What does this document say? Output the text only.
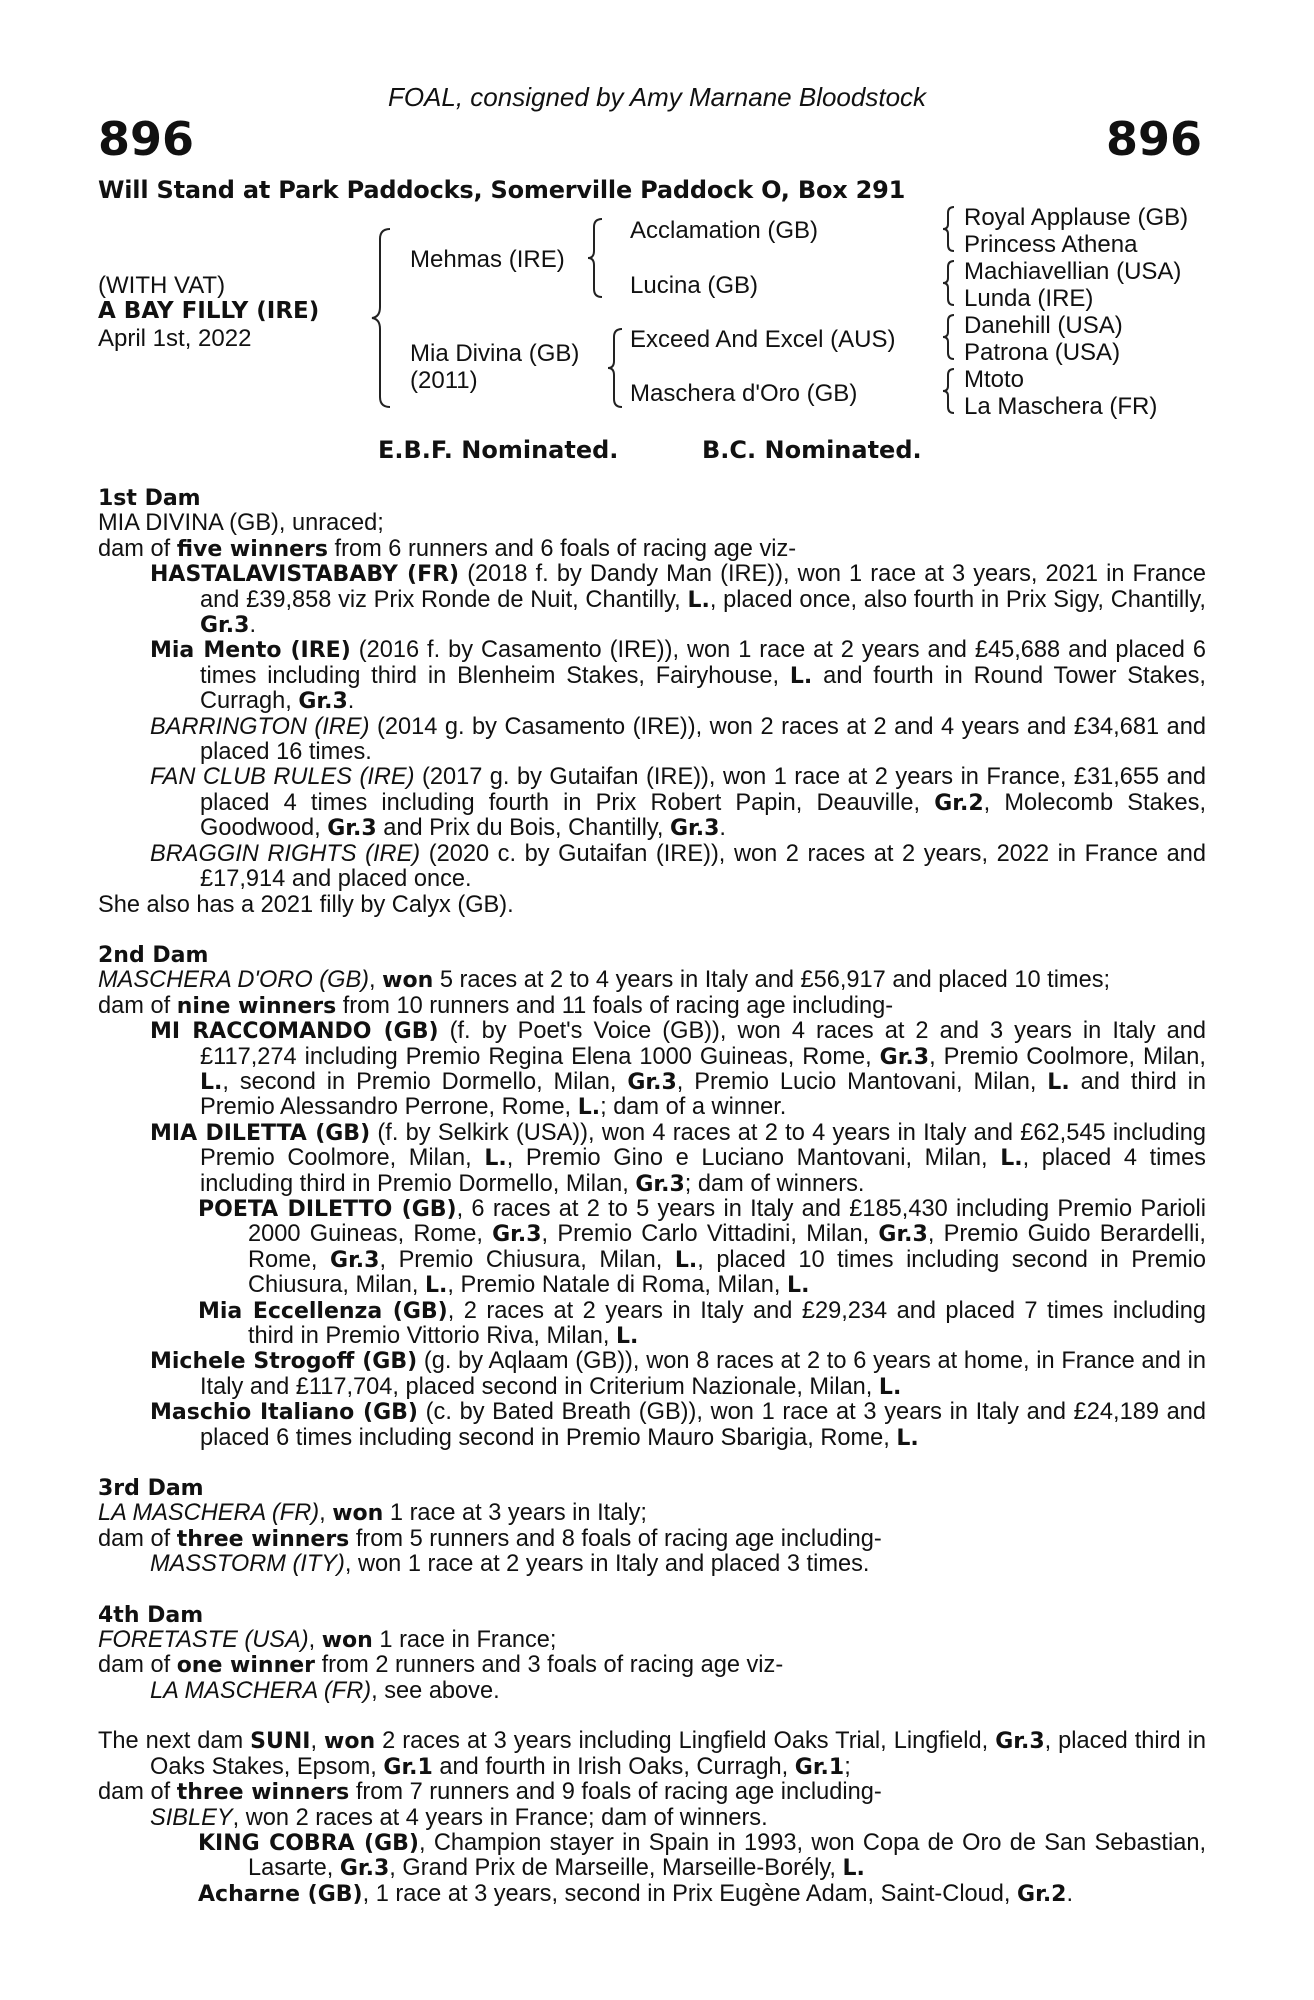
FOAL, consigned by Amy Marnane Bloodstock
896	896
Will Stand at Park Paddocks, Somerville Paddock O, Box 291
(WITH VAT)
A BAY FILLY (IRE)
April 1st, 2022
Mehmas (IRE)
Mia Divina (GB)
(2011)
Acclamation (GB)
Lucina (GB)
Exceed And Excel (AUS)
Maschera d'Oro (GB)
Royal Applause (GB)
Princess Athena
Machiavellian (USA)
Lunda (IRE)
Danehill (USA)
Patrona (USA)
Mtoto
La Maschera (FR)
E.B.F. Nominated.	B.C. Nominated.
1st Dam
MIA DIVINA (GB), unraced;
dam of five winners from 6 runners and 6 foals of racing age viz-
HASTALAVISTABABY (FR) (2018 f. by Dandy Man (IRE)), won 1 race at 3 years, 2021 in France and £39,858 viz Prix Ronde de Nuit, Chantilly, L., placed once, also fourth in Prix Sigy, Chantilly, Gr.3.
Mia Mento (IRE) (2016 f. by Casamento (IRE)), won 1 race at 2 years and £45,688 and placed 6 times including third in Blenheim Stakes, Fairyhouse, L. and fourth in Round Tower Stakes, Curragh, Gr.3.
BARRINGTON (IRE) (2014 g. by Casamento (IRE)), won 2 races at 2 and 4 years and £34,681 and placed 16 times.
FAN CLUB RULES (IRE) (2017 g. by Gutaifan (IRE)), won 1 race at 2 years in France, £31,655 and placed 4 times including fourth in Prix Robert Papin, Deauville, Gr.2, Molecomb Stakes, Goodwood, Gr.3 and Prix du Bois, Chantilly, Gr.3.
BRAGGIN RIGHTS (IRE) (2020 c. by Gutaifan (IRE)), won 2 races at 2 years, 2022 in France and £17,914 and placed once.
She also has a 2021 filly by Calyx (GB).
2nd Dam
MASCHERA D'ORO (GB), won 5 races at 2 to 4 years in Italy and £56,917 and placed 10 times;
dam of nine winners from 10 runners and 11 foals of racing age including-
MI RACCOMANDO (GB) (f. by Poet's Voice (GB)), won 4 races at 2 and 3 years in Italy and £117,274 including Premio Regina Elena 1000 Guineas, Rome, Gr.3, Premio Coolmore, Milan, L., second in Premio Dormello, Milan, Gr.3, Premio Lucio Mantovani, Milan, L. and third in Premio Alessandro Perrone, Rome, L.; dam of a winner.
MIA DILETTA (GB) (f. by Selkirk (USA)), won 4 races at 2 to 4 years in Italy and £62,545 including Premio Coolmore, Milan, L., Premio Gino e Luciano Mantovani, Milan, L., placed 4 times including third in Premio Dormello, Milan, Gr.3; dam of winners.
POETA DILETTO (GB), 6 races at 2 to 5 years in Italy and £185,430 including Premio Parioli 2000 Guineas, Rome, Gr.3, Premio Carlo Vittadini, Milan, Gr.3, Premio Guido Berardelli, Rome, Gr.3, Premio Chiusura, Milan, L., placed 10 times including second in Premio Chiusura, Milan, L., Premio Natale di Roma, Milan, L.
Mia Eccellenza (GB), 2 races at 2 years in Italy and £29,234 and placed 7 times including third in Premio Vittorio Riva, Milan, L.
Michele Strogoff (GB) (g. by Aqlaam (GB)), won 8 races at 2 to 6 years at home, in France and in Italy and £117,704, placed second in Criterium Nazionale, Milan, L.
Maschio Italiano (GB) (c. by Bated Breath (GB)), won 1 race at 3 years in Italy and £24,189 and placed 6 times including second in Premio Mauro Sbarigia, Rome, L.
3rd Dam
LA MASCHERA (FR), won 1 race at 3 years in Italy;
dam of three winners from 5 runners and 8 foals of racing age including-
MASSTORM (ITY), won 1 race at 2 years in Italy and placed 3 times.
4th Dam
FORETASTE (USA), won 1 race in France;
dam of one winner from 2 runners and 3 foals of racing age viz-
LA MASCHERA (FR), see above.
The next dam SUNI, won 2 races at 3 years including Lingfield Oaks Trial, Lingfield, Gr.3, placed third in Oaks Stakes, Epsom, Gr.1 and fourth in Irish Oaks, Curragh, Gr.1;
dam of three winners from 7 runners and 9 foals of racing age including-
SIBLEY, won 2 races at 4 years in France; dam of winners.
KING COBRA (GB), Champion stayer in Spain in 1993, won Copa de Oro de San Sebastian, Lasarte, Gr.3, Grand Prix de Marseille, Marseille-Borély, L.
Acharne (GB), 1 race at 3 years, second in Prix Eugène Adam, Saint-Cloud, Gr.2.
